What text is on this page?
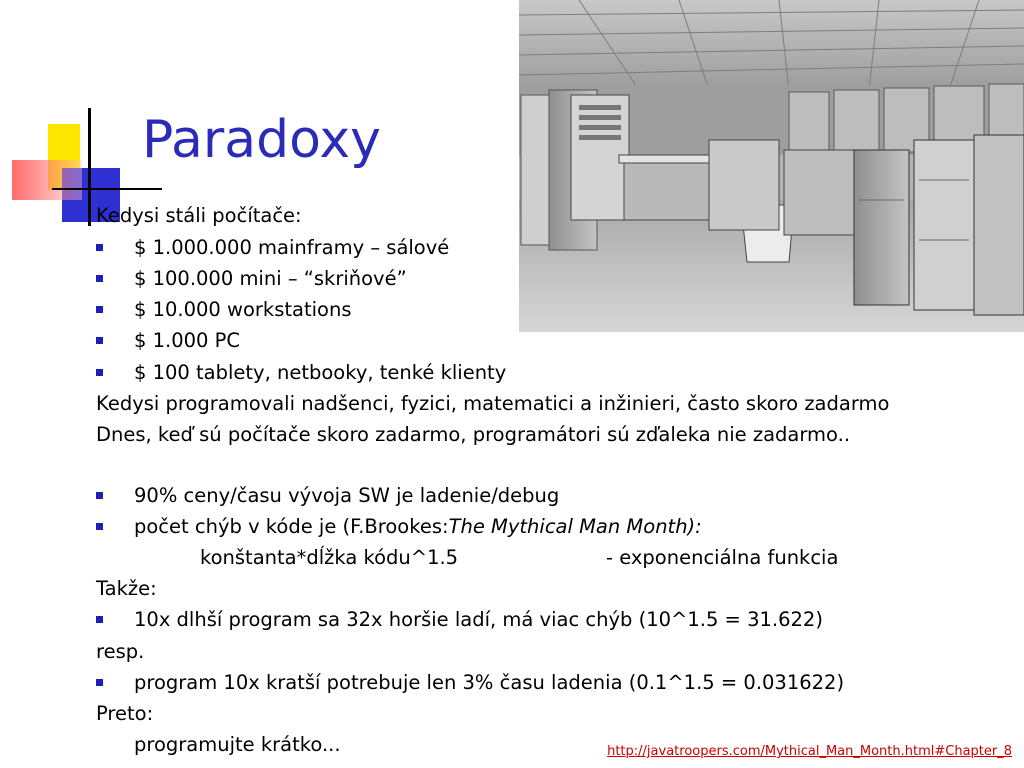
Paradoxy
Kedysi stáli počítače:
$ 1.000.000 mainframy – sálové
$ 100.000 mini – “skriňové”
$ 10.000 workstations
$ 1.000 PC
$ 100 tablety, netbooky, tenké klienty
Kedysi programovali nadšenci, fyzici, matematici a inžinieri, často skoro zadarmo
Dnes, keď sú počítače skoro zadarmo, programátori sú zďaleka nie zadarmo..
90% ceny/času vývoja SW je ladenie/debug
počet chýb v kóde je (F.Brookes:The Mythical Man Month):
konštanta*dĺžka kódu^1.5	- exponenciálna funkcia
Takže:
10x dlhší program sa 32x horšie ladí, má viac chýb (10^1.5 = 31.622)
resp.
program 10x kratší potrebuje len 3% času ladenia (0.1^1.5 = 0.031622)
Preto:
programujte krátko...	http://javatroopers.com/Mythical_Man_Month.html#Chapter_8
